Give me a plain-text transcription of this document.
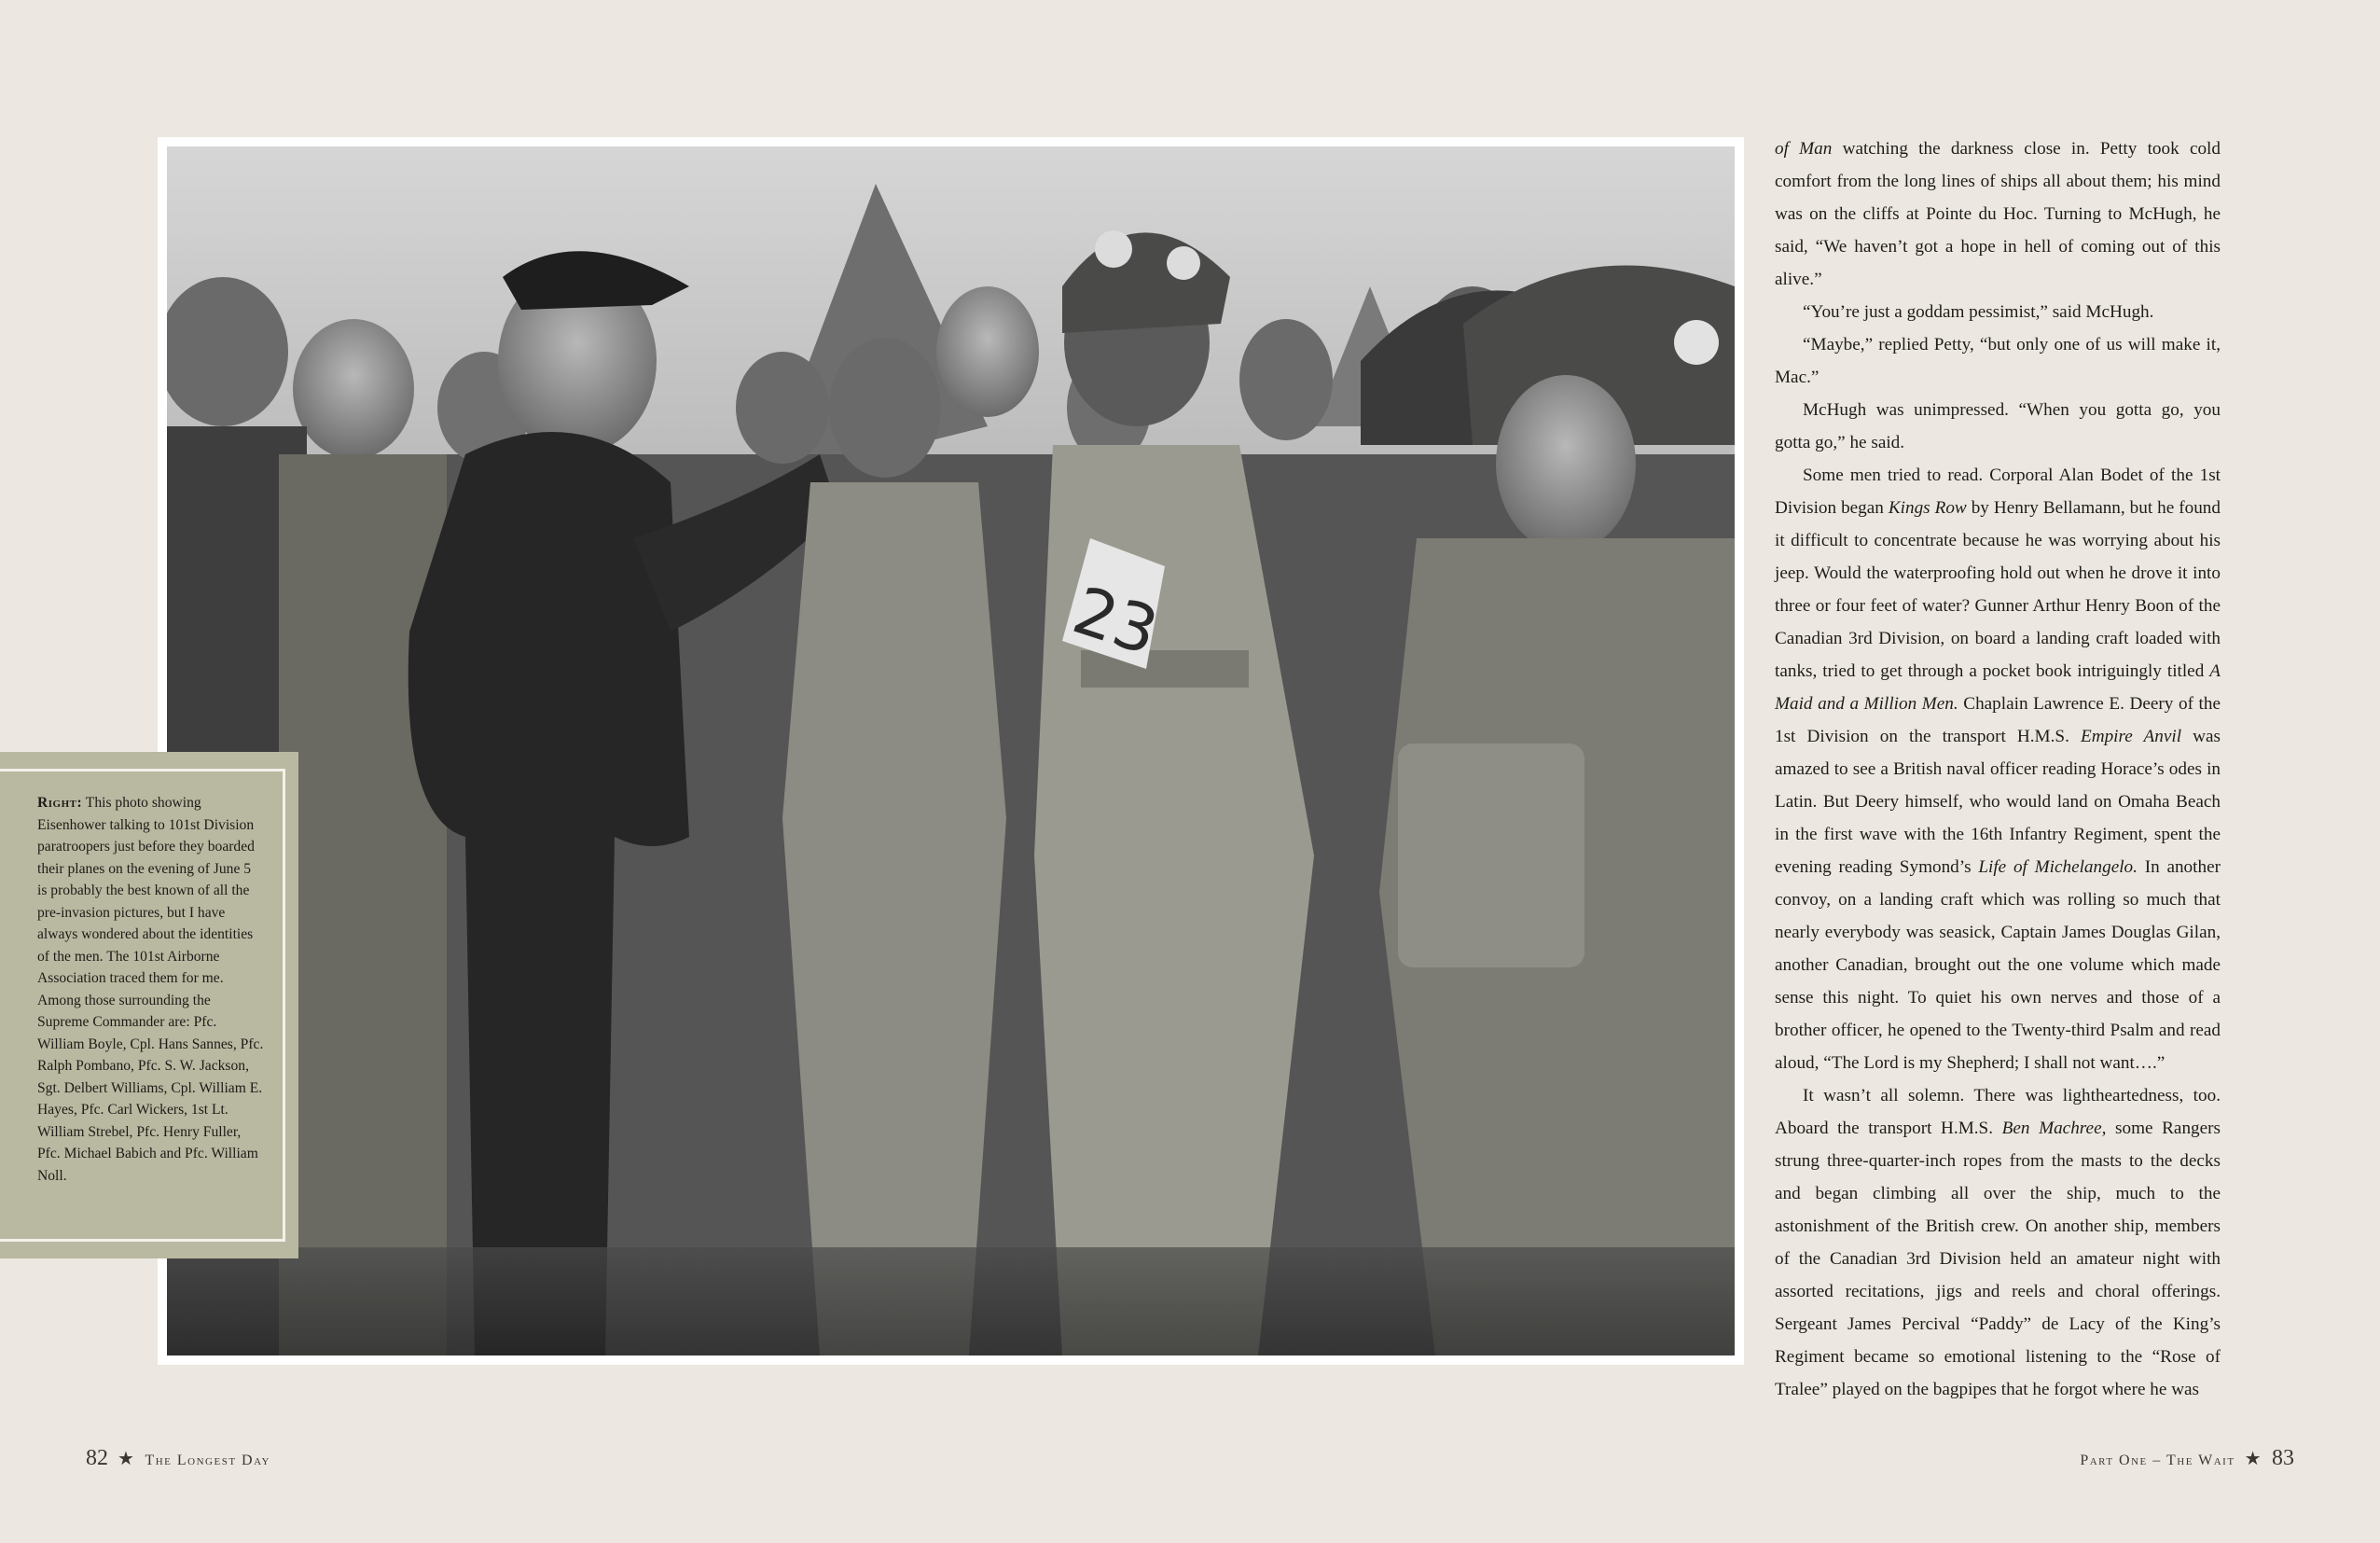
23
Right: This photo showing Eisenhower talking to 101st Division paratroopers just before they boarded their planes on the evening of June 5 is probably the best known of all the pre-invasion pictures, but I have always wondered about the identities of the men. The 101st Airborne Association traced them for me. Among those surrounding the Supreme Commander are: Pfc. William Boyle, Cpl. Hans Sannes, Pfc. Ralph Pombano, Pfc. S. W. Jackson, Sgt. Delbert Williams, Cpl. William E. Hayes, Pfc. Carl Wickers, 1st Lt. William Strebel, Pfc. Henry Fuller, Pfc. Michael Babich and Pfc. William Noll.

of Man watching the darkness close in. Petty took cold comfort from the long lines of ships all about them; his mind was on the cliffs at Pointe du Hoc. Turning to McHugh, he said, “We haven’t got a hope in hell of coming out of this alive.”

“You’re just a goddam pessimist,” said McHugh.

“Maybe,” replied Petty, “but only one of us will make it, Mac.”

McHugh was unimpressed. “When you gotta go, you gotta go,” he said.

Some men tried to read. Corporal Alan Bodet of the 1st Division began Kings Row by Henry Bellamann, but he found it difficult to concentrate because he was worrying about his jeep. Would the waterproofing hold out when he drove it into three or four feet of water? Gunner Arthur Henry Boon of the Canadian 3rd Division, on board a landing craft loaded with tanks, tried to get through a pocket book intriguingly titled A Maid and a Million Men. Chaplain Lawrence E. Deery of the 1st Division on the transport H.M.S. Empire Anvil was amazed to see a British naval officer reading Horace’s odes in Latin. But Deery himself, who would land on Omaha Beach in the first wave with the 16th Infantry Regiment, spent the evening reading Symond’s Life of Michelangelo. In another convoy, on a landing craft which was rolling so much that nearly everybody was seasick, Captain James Douglas Gilan, another Canadian, brought out the one volume which made sense this night. To quiet his own nerves and those of a brother officer, he opened to the Twenty-third Psalm and read aloud, “The Lord is my Shepherd; I shall not want….”

It wasn’t all solemn. There was lightheartedness, too. Aboard the transport H.M.S. Ben Machree, some Rangers strung three-quarter-inch ropes from the masts to the decks and began climbing all over the ship, much to the astonishment of the British crew. On another ship, members of the Canadian 3rd Division held an amateur night with assorted recitations, jigs and reels and choral offerings. Sergeant James Percival “Paddy” de Lacy of the King’s Regiment became so emotional listening to the “Rose of Tralee” played on the bagpipes that he forgot where he was

82 ★ The Longest Day	Part One – The Wait ★ 83
